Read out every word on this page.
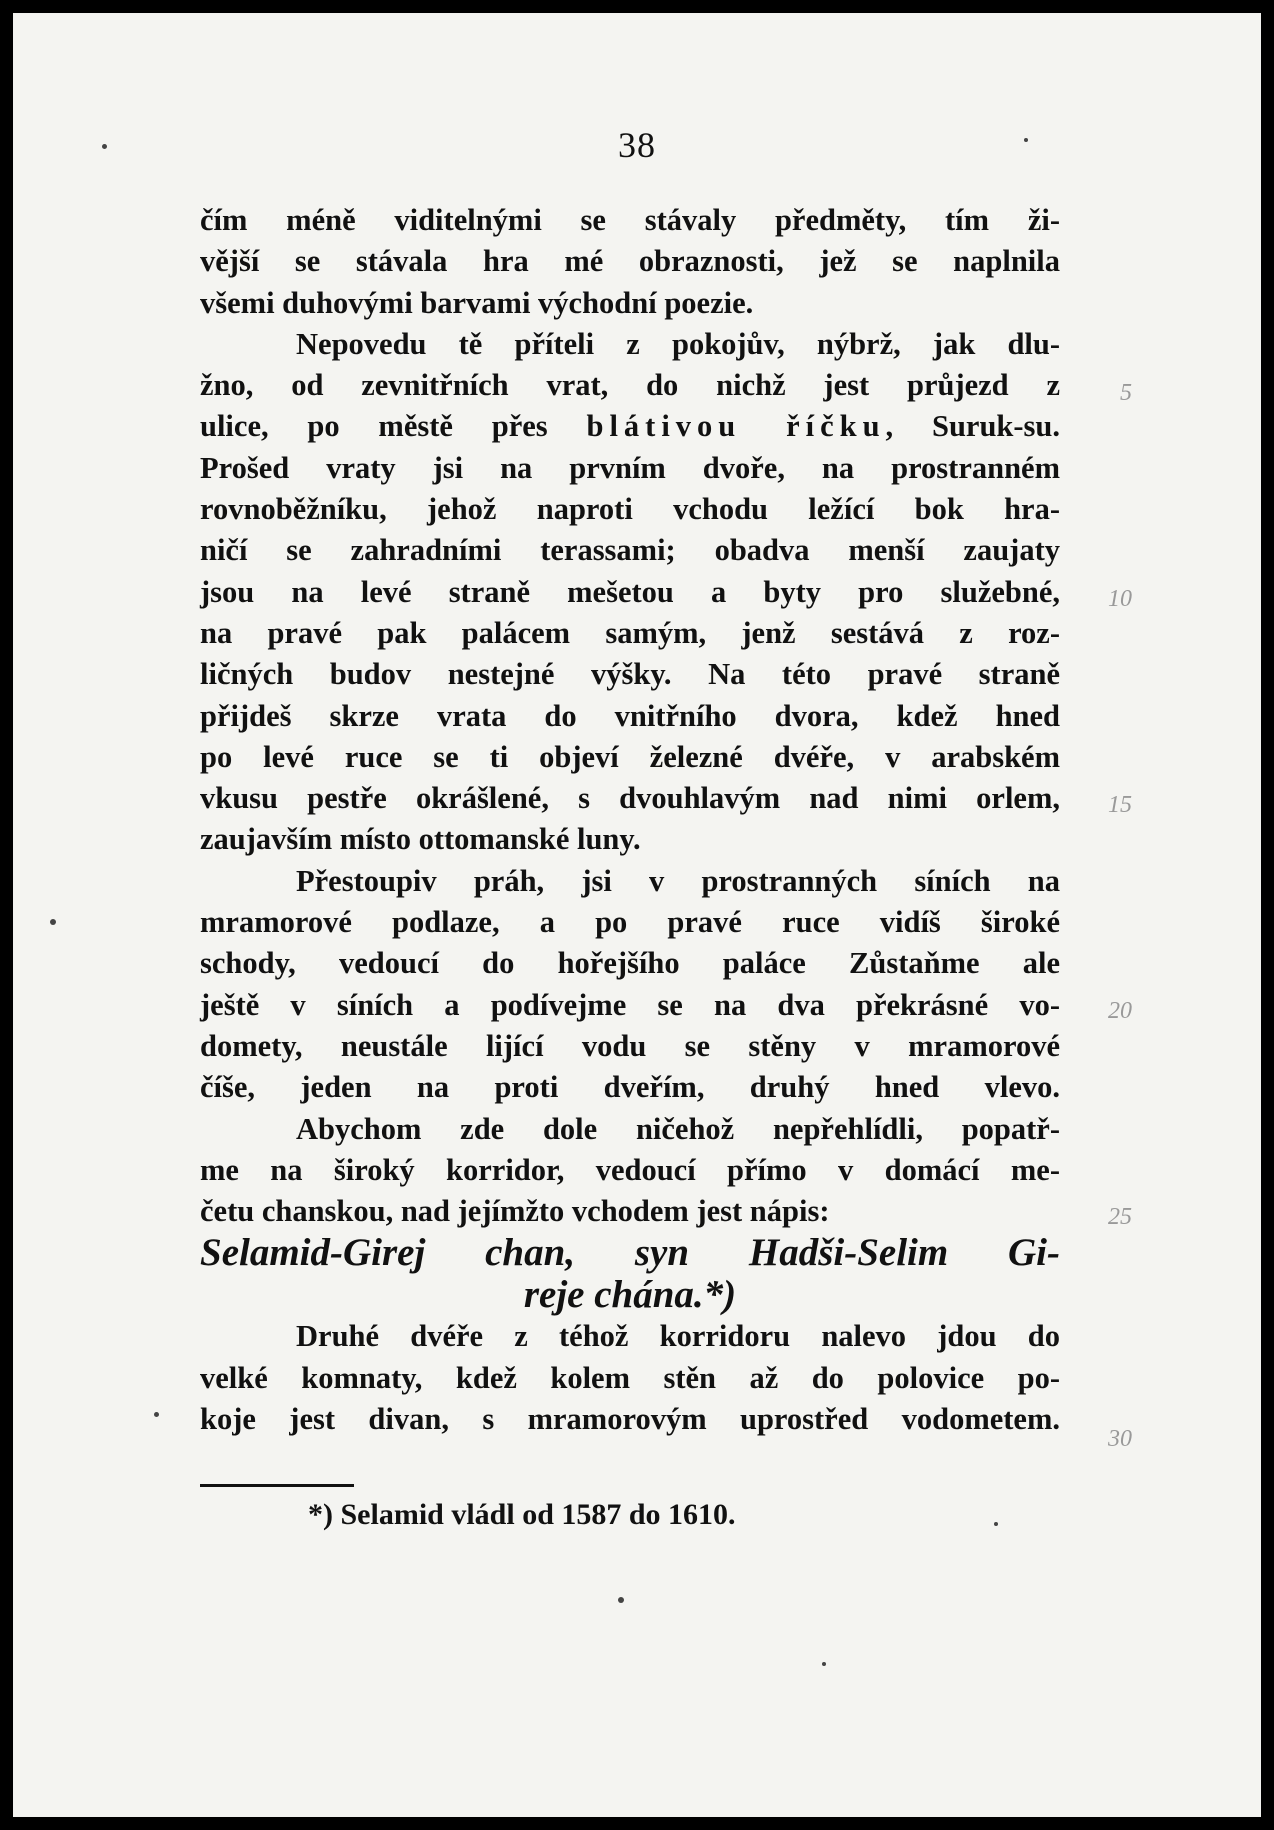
38
čím méně viditelnými se stávaly předměty, tím ži-
vější se stávala hra mé obraznosti, jež se naplnila
všemi duhovými barvami východní poezie.
Nepovedu tě příteli z pokojův, nýbrž, jak dlu-
žno, od zevnitřních vrat, do nichž jest průjezd z
ulice, po městě přes blátivou říčku, Suruk-su.
Prošed vraty jsi na prvním dvoře, na prostranném
rovnoběžníku, jehož naproti vchodu ležící bok hra-
ničí se zahradními terassami; obadva menší zaujaty
jsou na levé straně mešetou a byty pro služebné,
na pravé pak palácem samým, jenž sestává z roz-
ličných budov nestejné výšky. Na této pravé straně
přijdeš skrze vrata do vnitřního dvora, kdež hned
po levé ruce se ti objeví železné dvéře, v arabském
vkusu pestře okrášlené, s dvouhlavým nad nimi orlem,
zaujavším místo ottomanské luny.
Přestoupiv práh, jsi v prostranných síních na
mramorové podlaze, a po pravé ruce vidíš široké
schody, vedoucí do hořejšího paláce Zůstaňme ale
ještě v síních a podívejme se na dva překrásné vo-
domety, neustále lijící vodu se stěny v mramorové
číše, jeden na proti dveřím, druhý hned vlevo.
Abychom zde dole ničehož nepřehlídli, popatř-
me na široký korridor, vedoucí přímo v domácí me-
četu chanskou, nad jejímžto vchodem jest nápis:
Selamid-Girej chan, syn Hadši-Selim Gi-
reje chána.*)
Druhé dvéře z téhož korridoru nalevo jdou do
velké komnaty, kdež kolem stěn až do polovice po-
koje jest divan, s mramorovým uprostřed vodometem.
5
10
15
20
25
30
*) Selamid vládl od 1587 do 1610.
